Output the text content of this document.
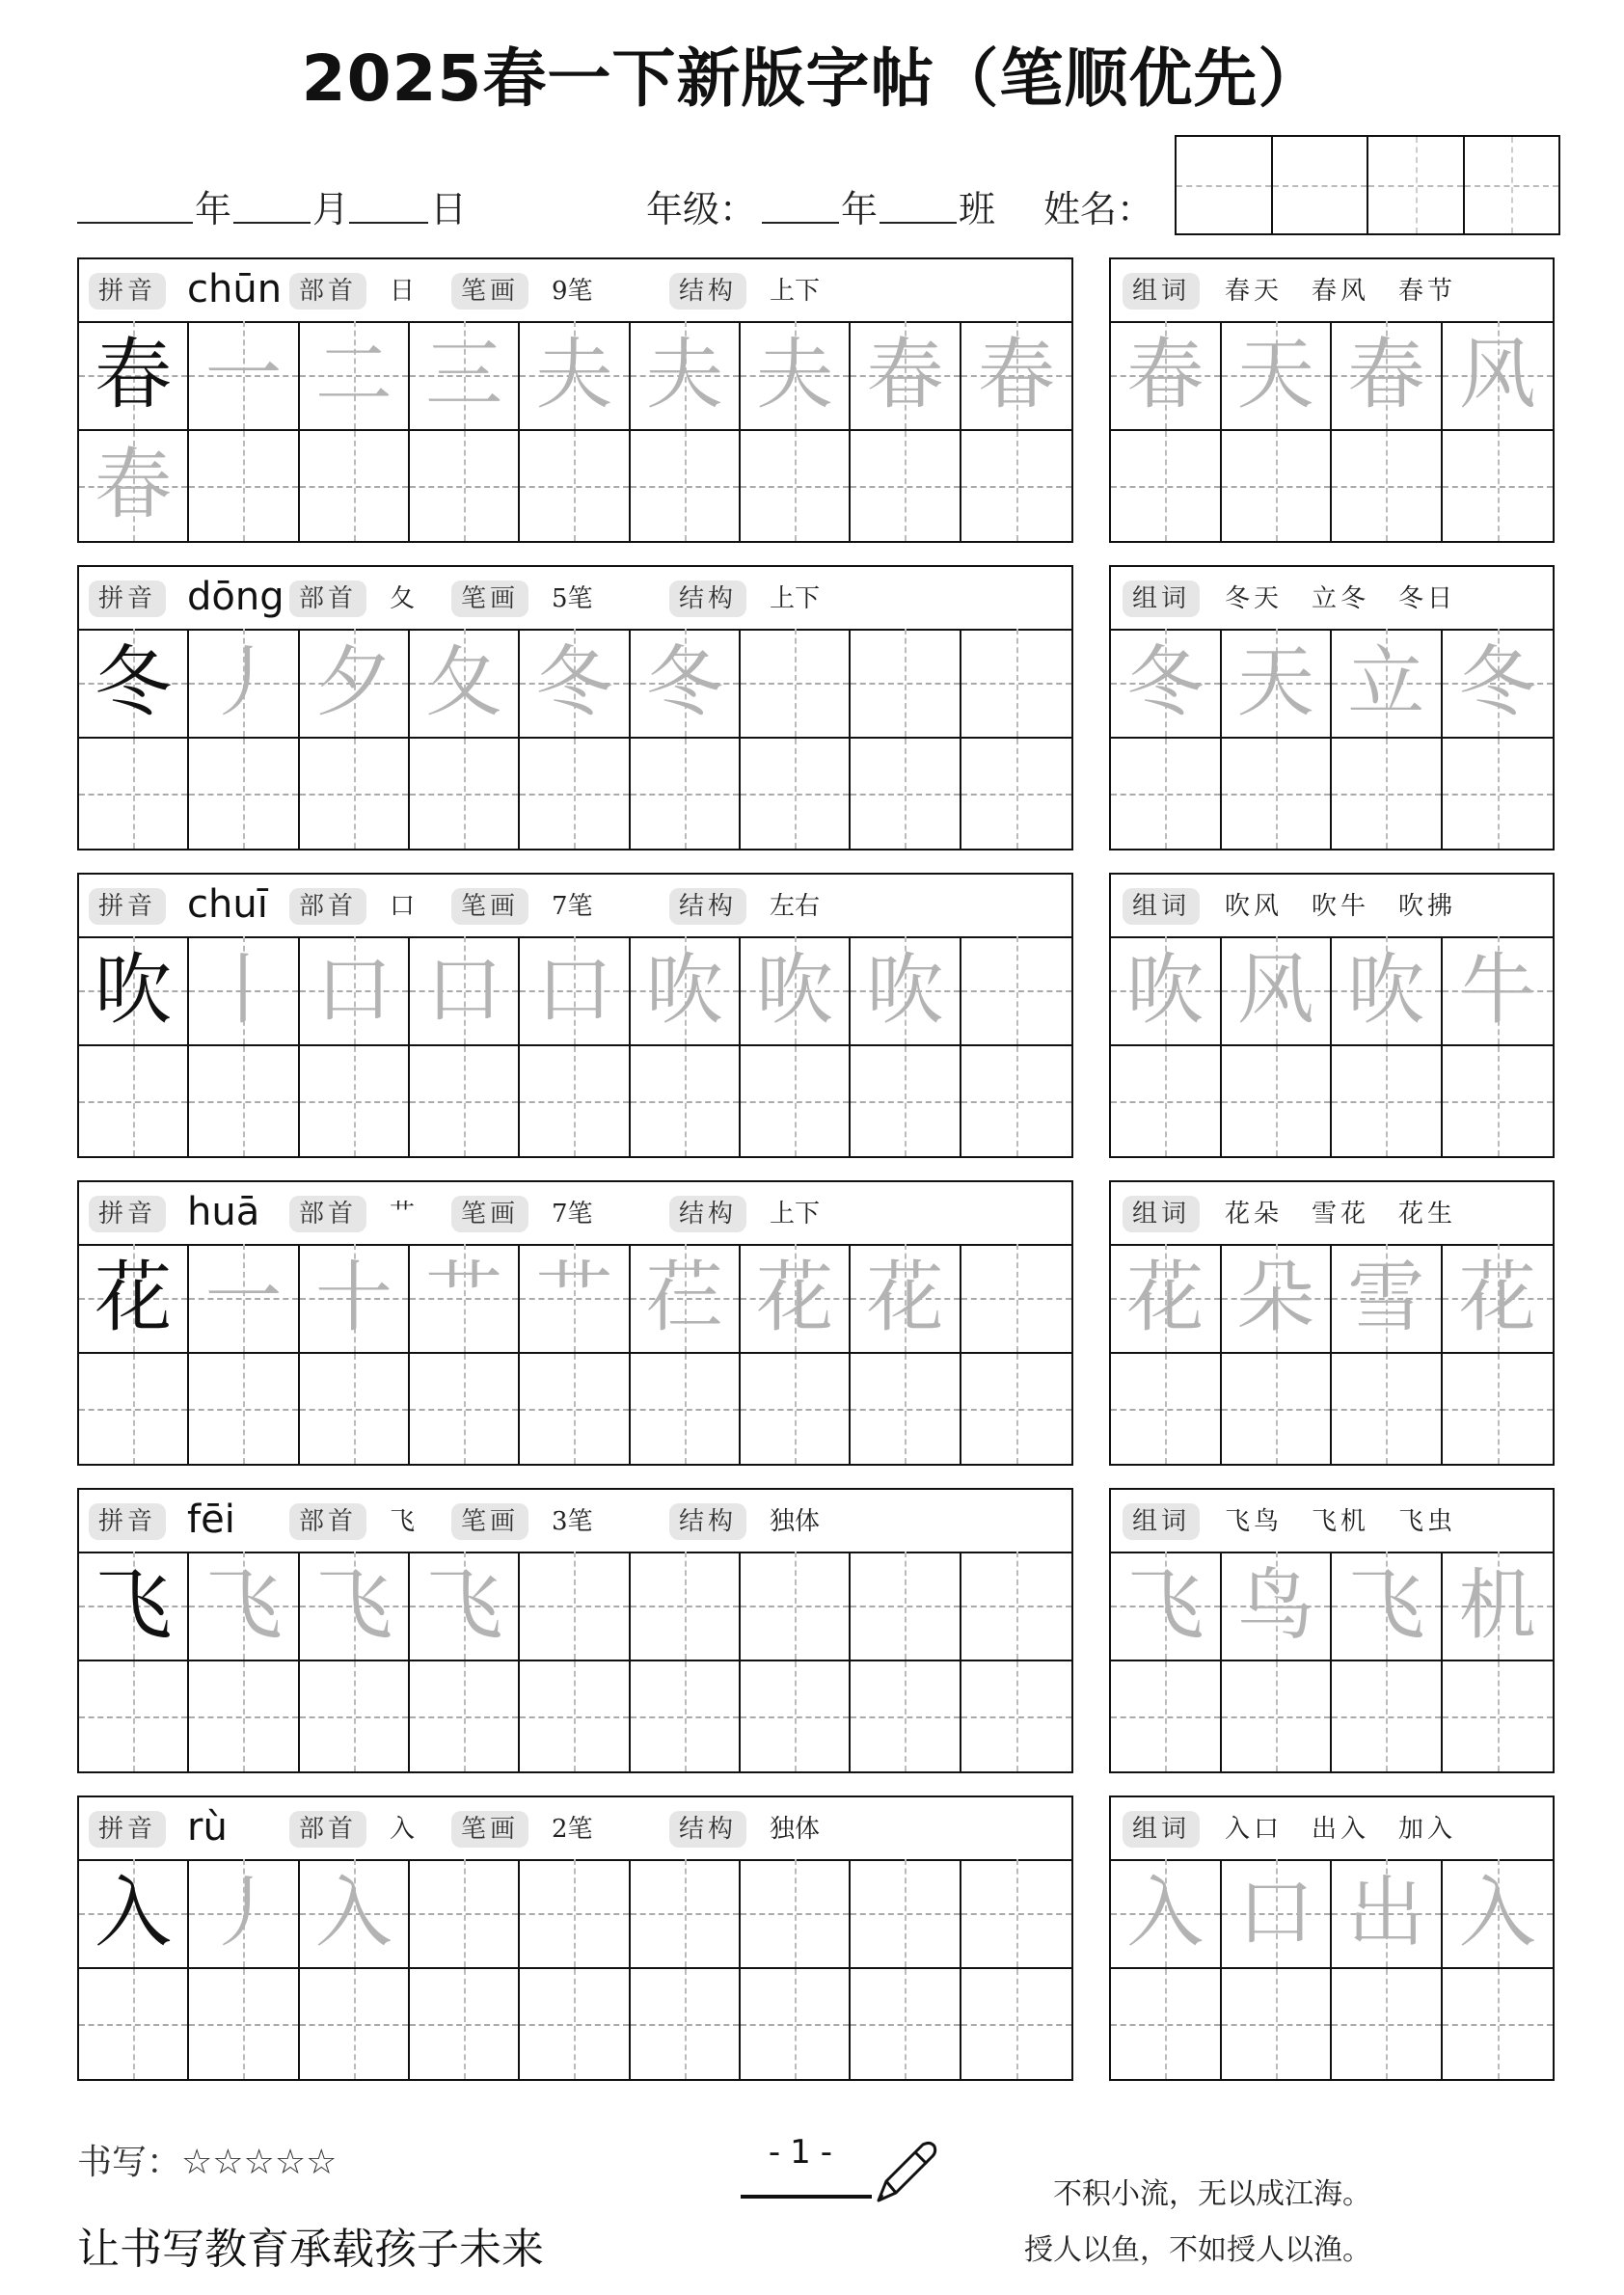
2025春一下新版字帖（笔顺优先）
年 月 日	年级： 年 班 姓名：
拼音 chūn 部首	日	笔画	9笔	结构	上下
春 一 二 三 夫 夫 夫 春 春
春
组词	春天　春风　春节
春 天 春 风
拼音 dōng 部首	夂	笔画	5笔	结构	上下
冬 丿 夕 夂 冬 冬
组词	冬天　立冬　冬日
冬 天 立 冬
拼音 chuī	部首	口	笔画	7笔	结构	左右
吹 丨 口 口 口 吹 吹 吹
组词	吹风　吹牛　吹拂
吹 风 吹 牛
拼音 huā	部首	艹	笔画	7笔	结构	上下
花 一 十 艹 艹 芢 花 花
组词	花朵　雪花　花生
花 朵 雪 花
拼音 fēi	部首	飞	笔画	3笔	结构	独体
飞 飞 飞 飞
组词	飞鸟　飞机　飞虫
飞 鸟 飞 机
拼音 rù	部首	入	笔画	2笔	结构	独体
入 丿 入
组词	入口　出入　加入
入 口 出 入
书写：☆☆☆☆☆
让书写教育承载孩子未来
-1-
不积小流，无以成江海。
授人以鱼，不如授人以渔。
